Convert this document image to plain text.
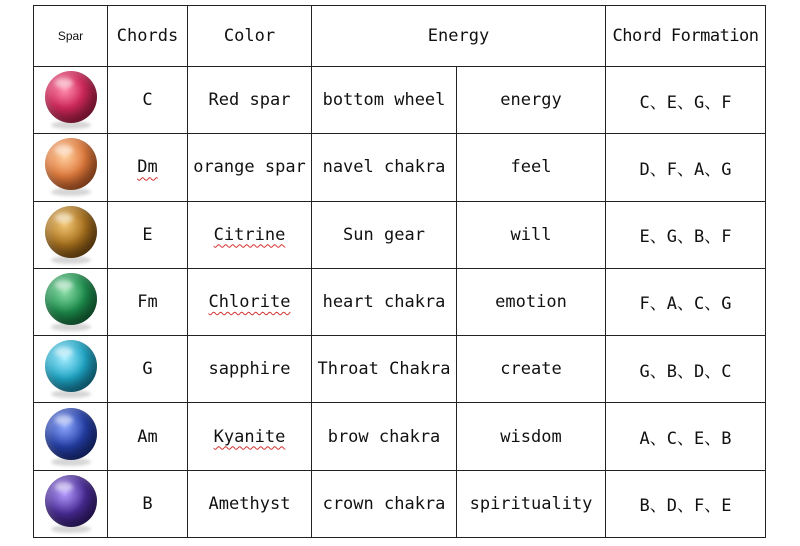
Spar	Chords	Color	Energy		Chord Formation

	C	Red spar	bottom wheel	energy	C、E、G、F

	Dm	orange spar	navel chakra	feel	D、F、A、G

	E	Citrine	Sun gear	will	E、G、B、F

	Fm	Chlorite	heart chakra	emotion	F、A、C、G

	G	sapphire	Throat Chakra	create	G、B、D、C

	Am	Kyanite	brow chakra	wisdom	A、C、E、B

	B	Amethyst	crown chakra	spirituality	B、D、F、E
